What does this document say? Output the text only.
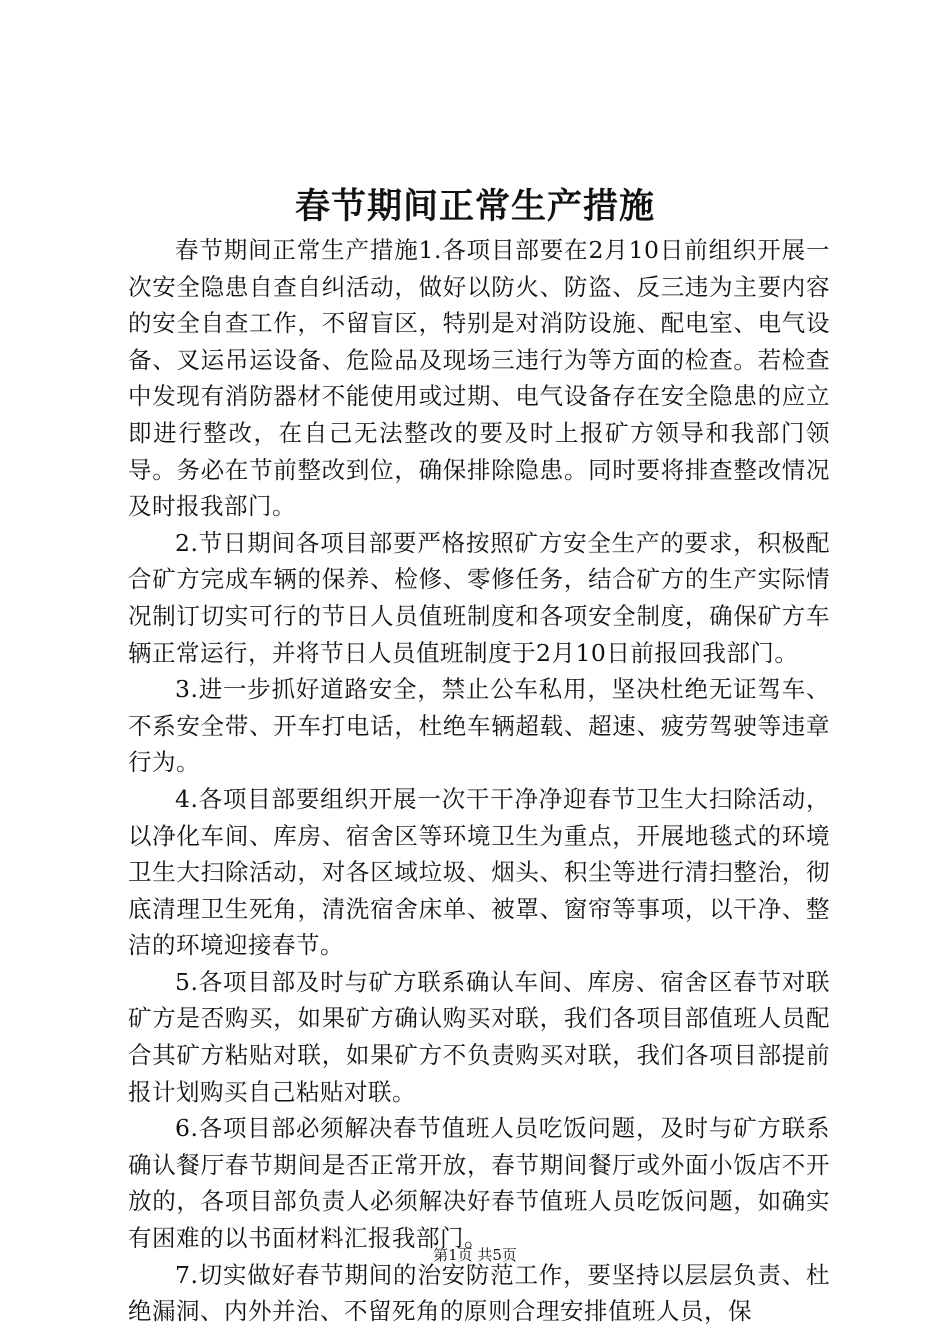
春节期间正常生产措施

春节期间正常生产措施1.各项目部要在2月10日前组织开展一次安全隐患自查自纠活动，做好以防火、防盗、反三违为主要内容的安全自查工作，不留盲区，特别是对消防设施、配电室、电气设备、叉运吊运设备、危险品及现场三违行为等方面的检查。若检查中发现有消防器材不能使用或过期、电气设备存在安全隐患的应立即进行整改，在自己无法整改的要及时上报矿方领导和我部门领导。务必在节前整改到位，确保排除隐患。同时要将排查整改情况及时报我部门。

2.节日期间各项目部要严格按照矿方安全生产的要求，积极配合矿方完成车辆的保养、检修、零修任务，结合矿方的生产实际情况制订切实可行的节日人员值班制度和各项安全制度，确保矿方车辆正常运行，并将节日人员值班制度于2月10日前报回我部门。

3.进一步抓好道路安全，禁止公车私用，坚决杜绝无证驾车、不系安全带、开车打电话，杜绝车辆超载、超速、疲劳驾驶等违章行为。

4.各项目部要组织开展一次干干净净迎春节卫生大扫除活动，以净化车间、库房、宿舍区等环境卫生为重点，开展地毯式的环境卫生大扫除活动，对各区域垃圾、烟头、积尘等进行清扫整治，彻底清理卫生死角，清洗宿舍床单、被罩、窗帘等事项，以干净、整洁的环境迎接春节。

5.各项目部及时与矿方联系确认车间、库房、宿舍区春节对联矿方是否购买，如果矿方确认购买对联，我们各项目部值班人员配合其矿方粘贴对联，如果矿方不负责购买对联，我们各项目部提前报计划购买自己粘贴对联。

6.各项目部必须解决春节值班人员吃饭问题，及时与矿方联系确认餐厅春节期间是否正常开放，春节期间餐厅或外面小饭店不开放的，各项目部负责人必须解决好春节值班人员吃饭问题，如确实有困难的以书面材料汇报我部门。

7.切实做好春节期间的治安防范工作，要坚持以层层负责、杜绝漏洞、内外并治、不留死角的原则合理安排值班人员，保

第1页 共5页
